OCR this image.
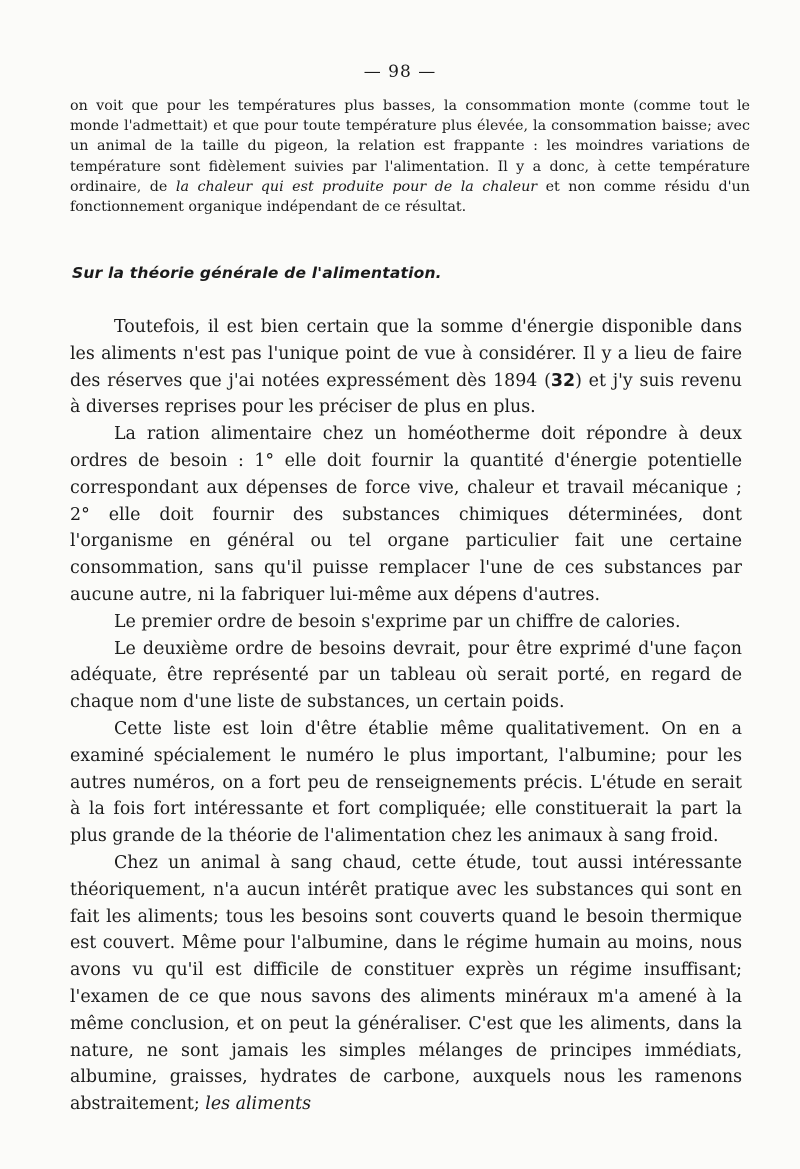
— 98 —

on voit que pour les températures plus basses, la consommation monte (comme tout le monde l'admettait) et que pour toute température plus élevée, la consommation baisse; avec un animal de la taille du pigeon, la relation est frappante : les moindres variations de température sont fidèlement suivies par l'alimentation. Il y a donc, à cette température ordinaire, de la chaleur qui est produite pour de la chaleur et non comme résidu d'un fonctionnement organique indépendant de ce résultat.

Sur la théorie générale de l'alimentation.

Toutefois, il est bien certain que la somme d'énergie disponible dans les aliments n'est pas l'unique point de vue à considérer. Il y a lieu de faire des réserves que j'ai notées expressément dès 1894 (32) et j'y suis revenu à diverses reprises pour les préciser de plus en plus.

La ration alimentaire chez un homéotherme doit répondre à deux ordres de besoin : 1° elle doit fournir la quantité d'énergie potentielle correspondant aux dépenses de force vive, chaleur et travail mécanique ; 2° elle doit fournir des substances chimiques déterminées, dont l'organisme en général ou tel organe particulier fait une certaine consommation, sans qu'il puisse remplacer l'une de ces substances par aucune autre, ni la fabriquer lui-même aux dépens d'autres.

Le premier ordre de besoin s'exprime par un chiffre de calories.

Le deuxième ordre de besoins devrait, pour être exprimé d'une façon adéquate, être représenté par un tableau où serait porté, en regard de chaque nom d'une liste de substances, un certain poids.

Cette liste est loin d'être établie même qualitativement. On en a examiné spécialement le numéro le plus important, l'albumine; pour les autres numéros, on a fort peu de renseignements précis. L'étude en serait à la fois fort intéressante et fort compliquée; elle constituerait la part la plus grande de la théorie de l'alimentation chez les animaux à sang froid.

Chez un animal à sang chaud, cette étude, tout aussi intéressante théoriquement, n'a aucun intérêt pratique avec les substances qui sont en fait les aliments; tous les besoins sont couverts quand le besoin thermique est couvert. Même pour l'albumine, dans le régime humain au moins, nous avons vu qu'il est difficile de constituer exprès un régime insuffisant; l'examen de ce que nous savons des aliments minéraux m'a amené à la même conclusion, et on peut la généraliser. C'est que les aliments, dans la nature, ne sont jamais les simples mélanges de principes immédiats, albumine, graisses, hydrates de carbone, auxquels nous les ramenons abstraitement; les aliments
